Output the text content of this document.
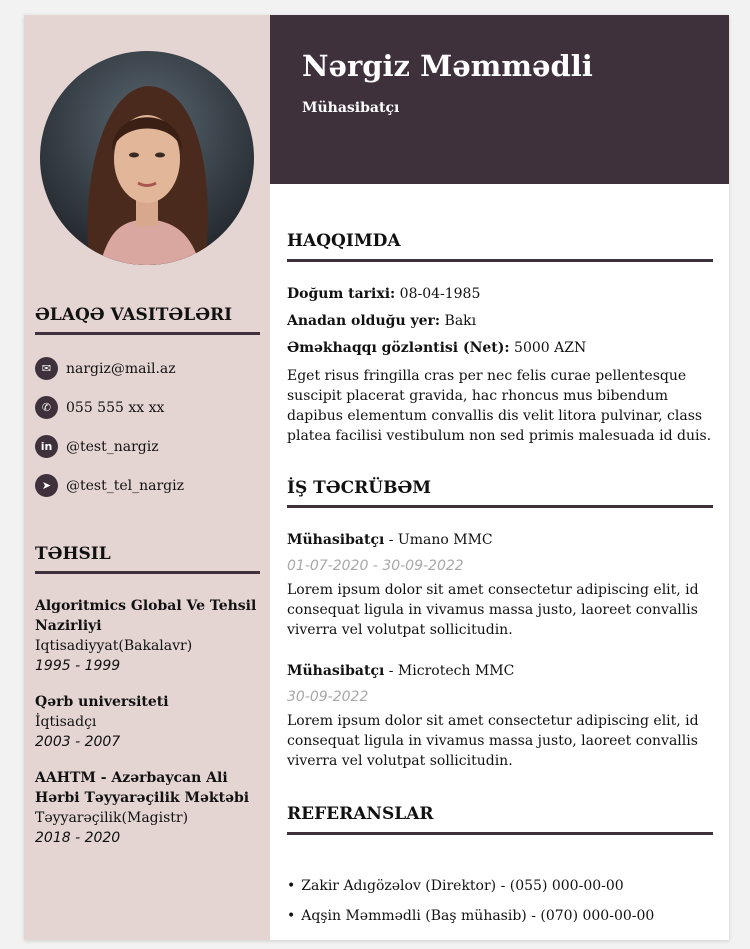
ƏLAQƏ VASITƏLƏRI
✉	nargiz@mail.az
✆	055 555 xx xx
in @test_nargiz
➤	@test_tel_nargiz
TƏHSIL
Algoritmics Global Ve Tehsil Nazirliyi
Iqtisadiyyat(Bakalavr)
1995 - 1999
Qərb universiteti
İqtisadçı
2003 - 2007
AAHTM - Azərbaycan Ali Hərbi Təyyarəçilik Məktəbi
Təyyarəçilik(Magistr)
2018 - 2020
Nərgiz Məmmədli
Mühasibatçı
HAQQIMDA
Doğum tarixi: 08-04-1985
Anadan olduğu yer: Bakı
Əməkhaqqı gözləntisi (Net): 5000 AZN
Eget risus fringilla cras per nec felis curae pellentesque suscipit placerat gravida, hac rhoncus mus bibendum dapibus elementum convallis dis velit litora pulvinar, class platea facilisi vestibulum non sed primis malesuada id duis.
İŞ TƏCRÜBƏM
Mühasibatçı - Umano MMC
01-07-2020 - 30-09-2022
Lorem ipsum dolor sit amet consectetur adipiscing elit, id consequat ligula in vivamus massa justo, laoreet convallis viverra vel volutpat sollicitudin.
Mühasibatçı - Microtech MMC
30-09-2022
Lorem ipsum dolor sit amet consectetur adipiscing elit, id consequat ligula in vivamus massa justo, laoreet convallis viverra vel volutpat sollicitudin.
REFERANSLAR
• Zakir Adıgözəlov (Direktor) - (055) 000-00-00
• Aqşin Məmmədli (Baş mühasib) - (070) 000-00-00
